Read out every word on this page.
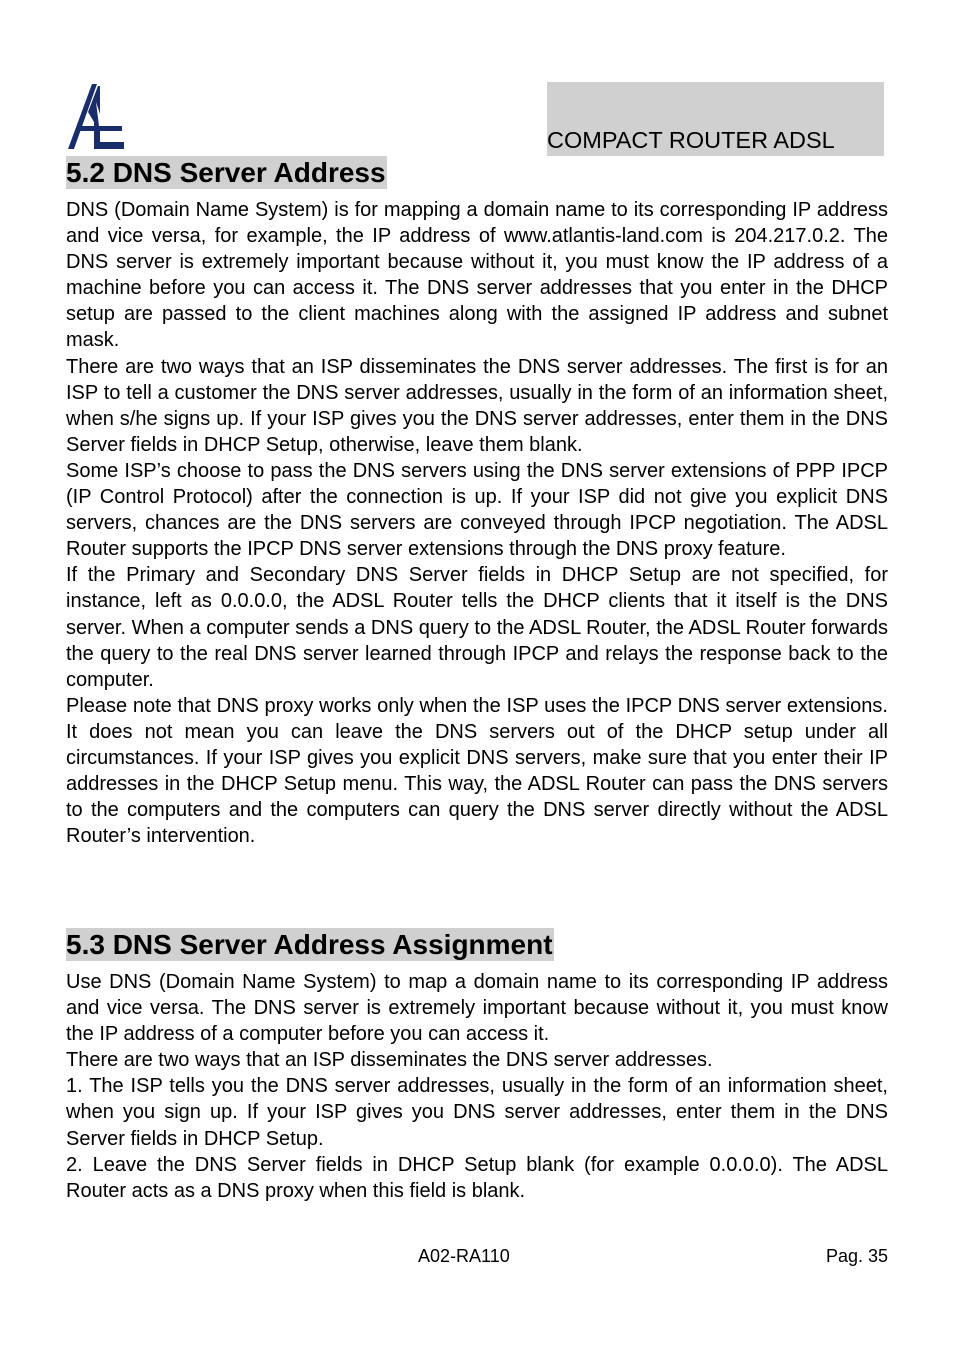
COMPACT ROUTER ADSL
5.2 DNS Server Address

DNS (Domain Name System) is for mapping a domain name to its corresponding IP address and vice versa, for example, the IP address of www.atlantis-land.com is 204.217.0.2. The DNS server is extremely important because without it, you must know the IP address of a machine before you can access it. The DNS server addresses that you enter in the DHCP setup are passed to the client machines along with the assigned IP address and subnet mask.

There are two ways that an ISP disseminates the DNS server addresses. The first is for an ISP to tell a customer the DNS server addresses, usually in the form of an information sheet, when s/he signs up. If your ISP gives you the DNS server addresses, enter them in the DNS Server fields in DHCP Setup, otherwise, leave them blank.

Some ISP’s choose to pass the DNS servers using the DNS server extensions of PPP IPCP (IP Control Protocol) after the connection is up. If your ISP did not give you explicit DNS servers, chances are the DNS servers are conveyed through IPCP negotiation. The ADSL Router supports the IPCP DNS server extensions through the DNS proxy feature.

If the Primary and Secondary DNS Server fields in DHCP Setup are not specified, for instance, left as 0.0.0.0, the ADSL Router tells the DHCP clients that it itself is the DNS server. When a computer sends a DNS query to the ADSL Router, the ADSL Router forwards the query to the real DNS server learned through IPCP and relays the response back to the computer.

Please note that DNS proxy works only when the ISP uses the IPCP DNS server extensions. It does not mean you can leave the DNS servers out of the DHCP setup under all circumstances. If your ISP gives you explicit DNS servers, make sure that you enter their IP addresses in the DHCP Setup menu. This way, the ADSL Router can pass the DNS servers to the computers and the computers can query the DNS server directly without the ADSL Router’s intervention.

5.3 DNS Server Address Assignment

Use DNS (Domain Name System) to map a domain name to its corresponding IP address and vice versa. The DNS server is extremely important because without it, you must know the IP address of a computer before you can access it.

There are two ways that an ISP disseminates the DNS server addresses.

1. The ISP tells you the DNS server addresses, usually in the form of an information sheet, when you sign up. If your ISP gives you DNS server addresses, enter them in the DNS Server fields in DHCP Setup.

2. Leave the DNS Server fields in DHCP Setup blank (for example 0.0.0.0). The ADSL Router acts as a DNS proxy when this field is blank.

A02-RA110	Pag. 35
